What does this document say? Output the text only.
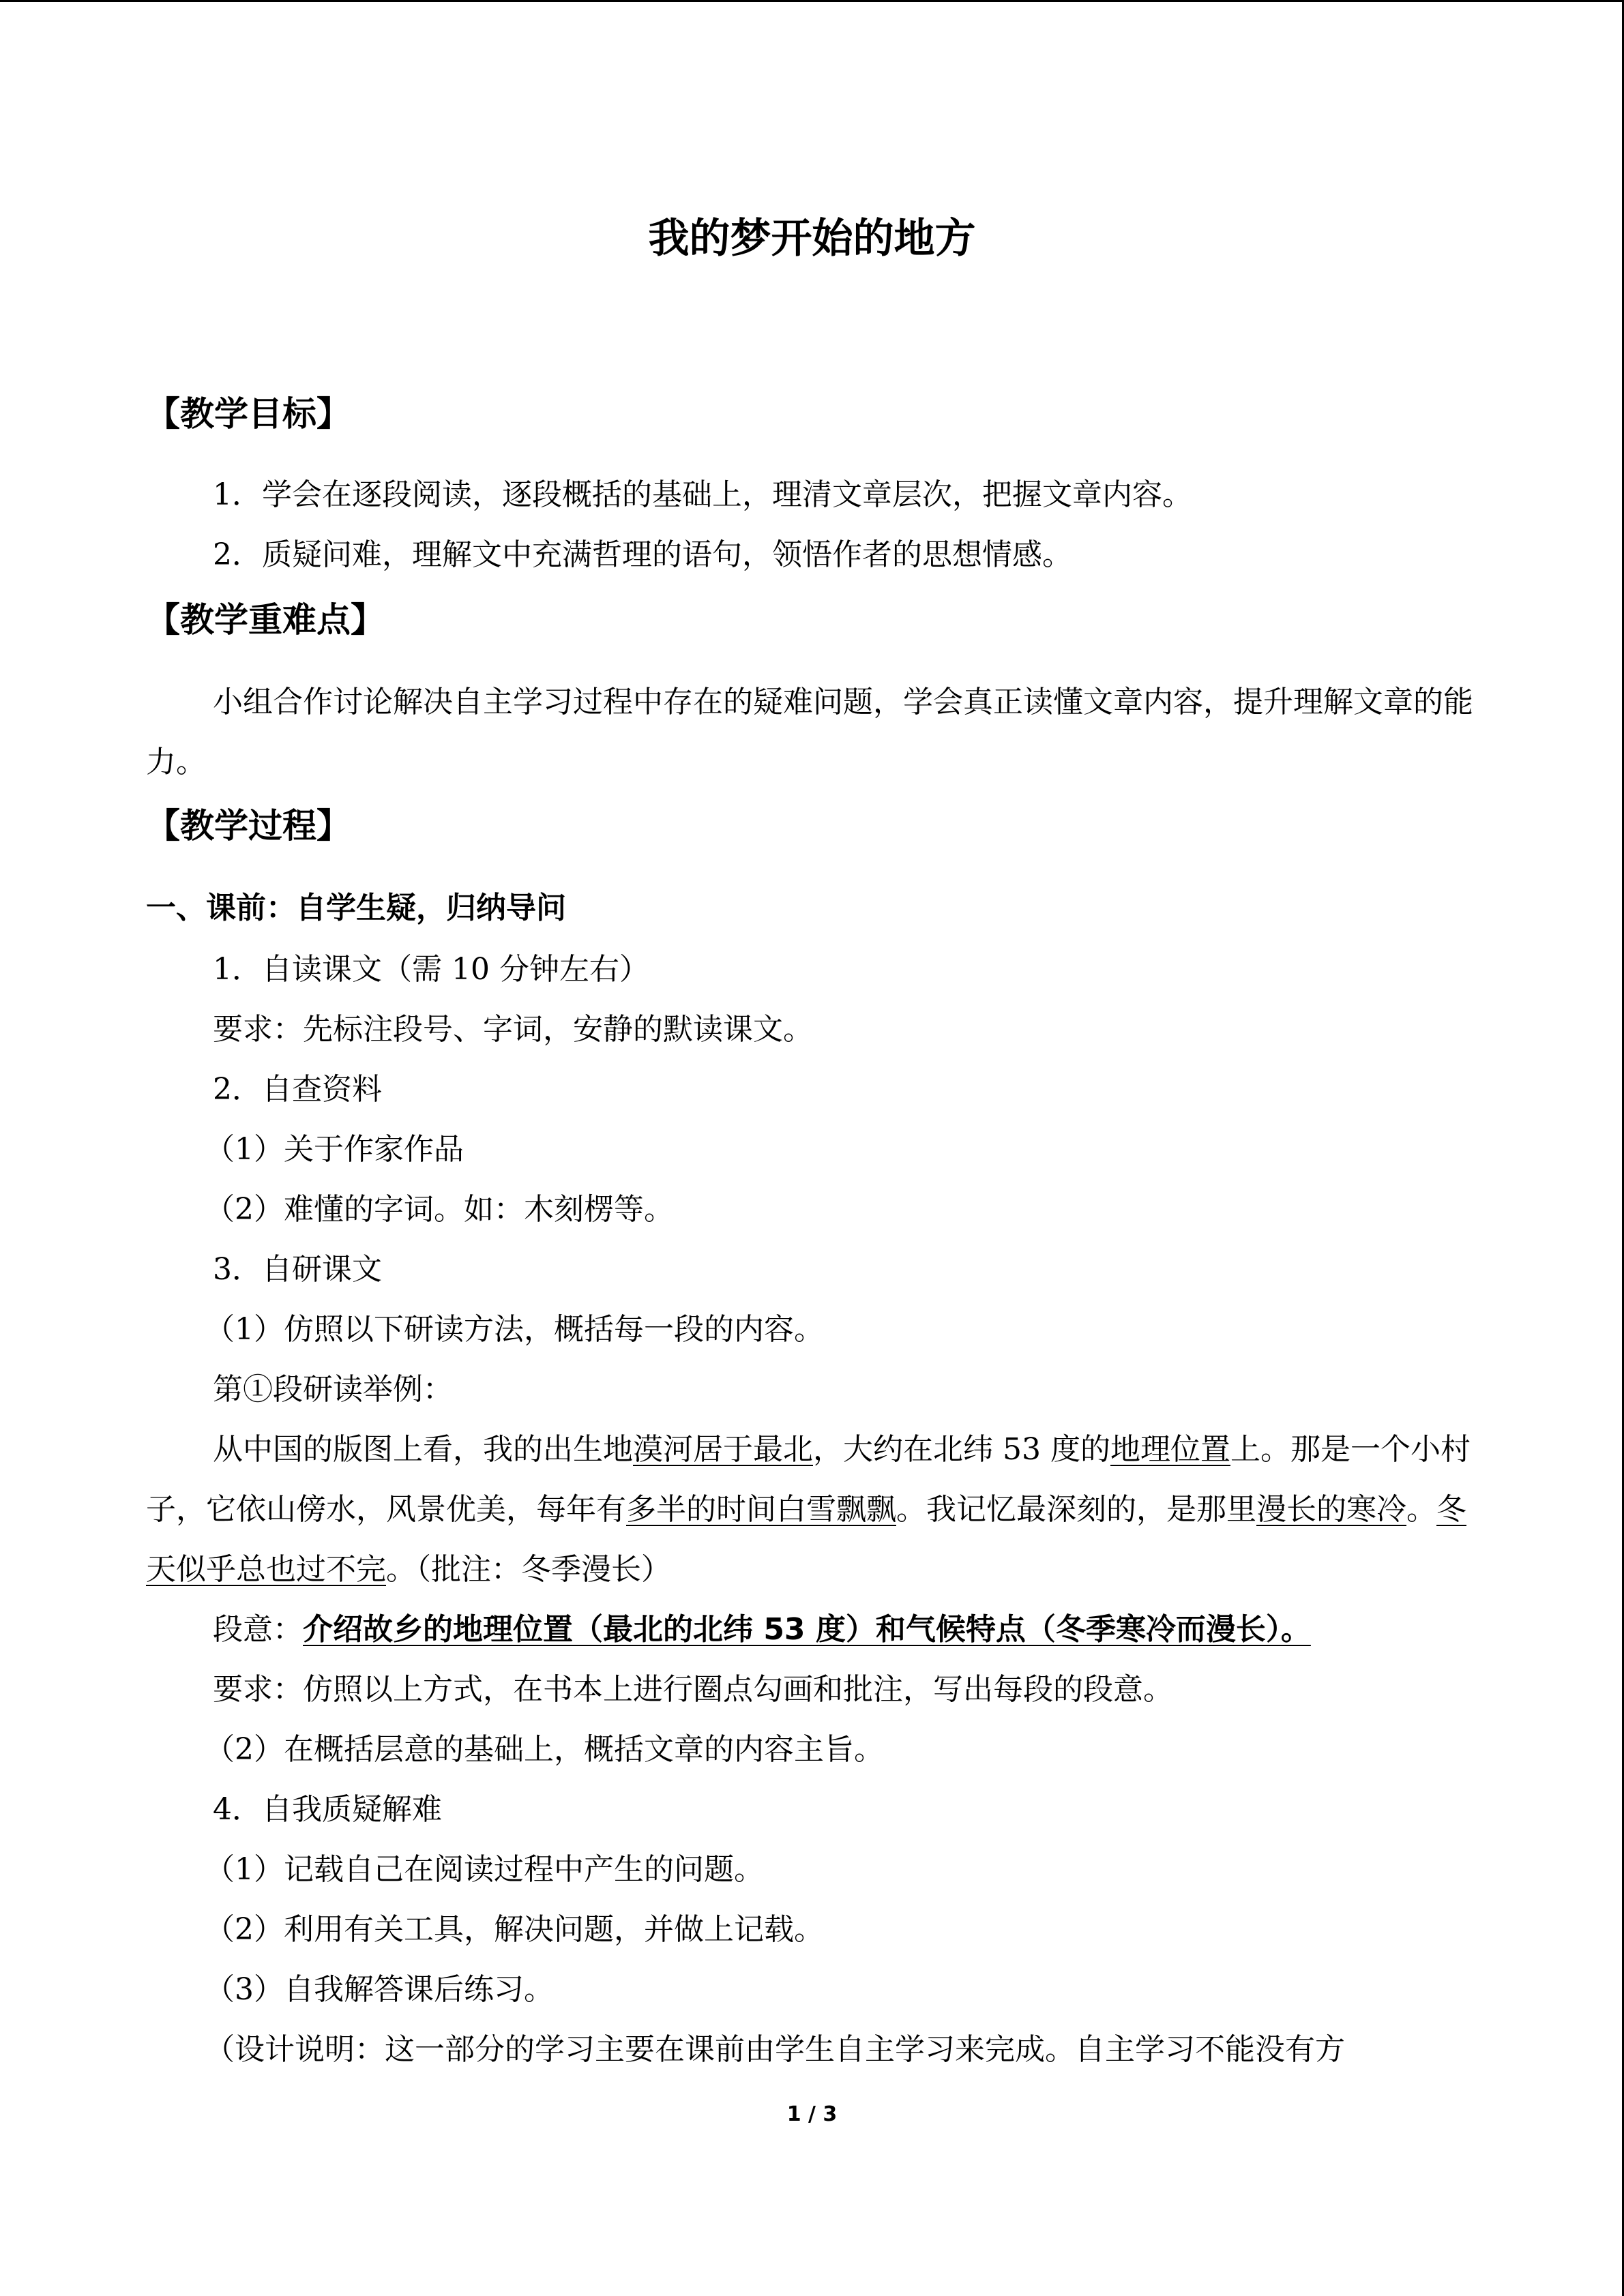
我的梦开始的地方
【教学目标】
1．学会在逐段阅读，逐段概括的基础上，理清文章层次，把握文章内容。
2．质疑问难，理解文中充满哲理的语句，领悟作者的思想情感。
【教学重难点】
小组合作讨论解决自主学习过程中存在的疑难问题，学会真正读懂文章内容，提升理解文章的能力。
【教学过程】
一、课前：自学生疑，归纳导问
1．自读课文（需 10 分钟左右）
要求：先标注段号、字词，安静的默读课文。
2．自查资料
（1）关于作家作品
（2）难懂的字词。如：木刻楞等。
3．自研课文
（1）仿照以下研读方法，概括每一段的内容。
第①段研读举例：
从中国的版图上看，我的出生地漠河居于最北，大约在北纬 53 度的地理位置上。那是一个小村子，它依山傍水，风景优美，每年有多半的时间白雪飘飘。我记忆最深刻的，是那里漫长的寒冷。冬天似乎总也过不完。（批注：冬季漫长）
段意：介绍故乡的地理位置（最北的北纬 53 度）和气候特点（冬季寒冷而漫长）。
要求：仿照以上方式，在书本上进行圈点勾画和批注，写出每段的段意。
（2）在概括层意的基础上，概括文章的内容主旨。
4．自我质疑解难
（1）记载自己在阅读过程中产生的问题。
（2）利用有关工具，解决问题，并做上记载。
（3）自我解答课后练习。
（设计说明：这一部分的学习主要在课前由学生自主学习来完成。自主学习不能没有方
1 / 3
